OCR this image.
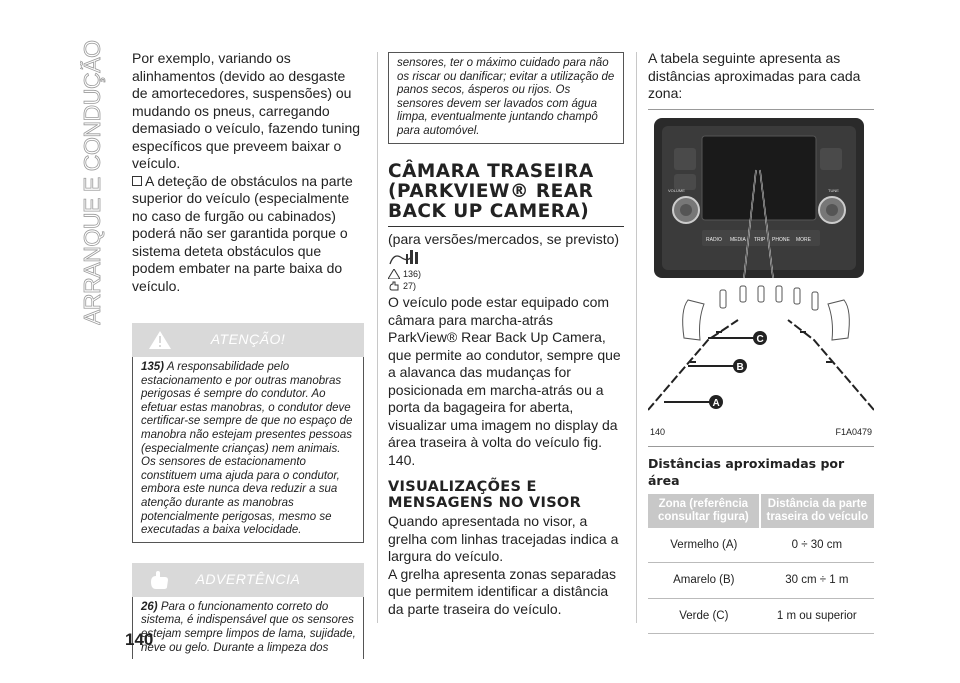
ARRANQUE E CONDUÇÃO

Por exemplo, variando os alinhamentos (devido ao desgaste de amortecedores, suspensões) ou mudando os pneus, carregando demasiado o veículo, fazendo tuning específicos que preveem baixar o veículo.

A deteção de obstáculos na parte superior do veículo (especialmente no caso de furgão ou cabinados) poderá não ser garantida porque o sistema deteta obstáculos que podem embater na parte baixa do veículo.

ATENÇÃO!
135) A responsabilidade pelo estacionamento e por outras manobras perigosas é sempre do condutor. Ao efetuar estas manobras, o condutor deve certificar-se sempre de que no espaço de manobra não estejam presentes pessoas (especialmente crianças) nem animais. Os sensores de estacionamento constituem uma ajuda para o condutor, embora este nunca deva reduzir a sua atenção durante as manobras potencialmente perigosas, mesmo se executadas a baixa velocidade.
ADVERTÊNCIA
26) Para o funcionamento correto do sistema, é indispensável que os sensores estejam sempre limpos de lama, sujidade, neve ou gelo. Durante a limpeza dos
sensores, ter o máximo cuidado para não os riscar ou danificar; evitar a utilização de panos secos, ásperos ou rijos. Os sensores devem ser lavados com água limpa, eventualmente juntando champô para automóvel.
CÂMARA TRASEIRA (PARKVIEW® REAR BACK UP CAMERA)

(para versões/mercados, se previsto)

136)
27)

O veículo pode estar equipado com câmara para marcha-atrás ParkView® Rear Back Up Camera, que permite ao condutor, sempre que a alavanca das mudanças for posicionada em marcha-atrás ou a porta da bagageira for aberta, visualizar uma imagem no display da área traseira à volta do veículo fig. 140.

VISUALIZAÇÕES E MENSAGENS NO VISOR

Quando apresentada no visor, a grelha com linhas tracejadas indica a largura do veículo.

A grelha apresenta zonas separadas que permitem identificar a distância da parte traseira do veículo.

A tabela seguinte apresenta as distâncias aproximadas para cada zona:

VOLUME	TUNE
RADIO MEDIA TRIP PHONE MORE
C
B
A
140	F1A0479
Distâncias aproximadas por área
Zona (referência consultar figura)	Distância da parte traseira do veículo
Vermelho (A)	0 ÷ 30 cm
Amarelo (B)	30 cm ÷ 1 m
Verde (C)	1 m ou superior
140
